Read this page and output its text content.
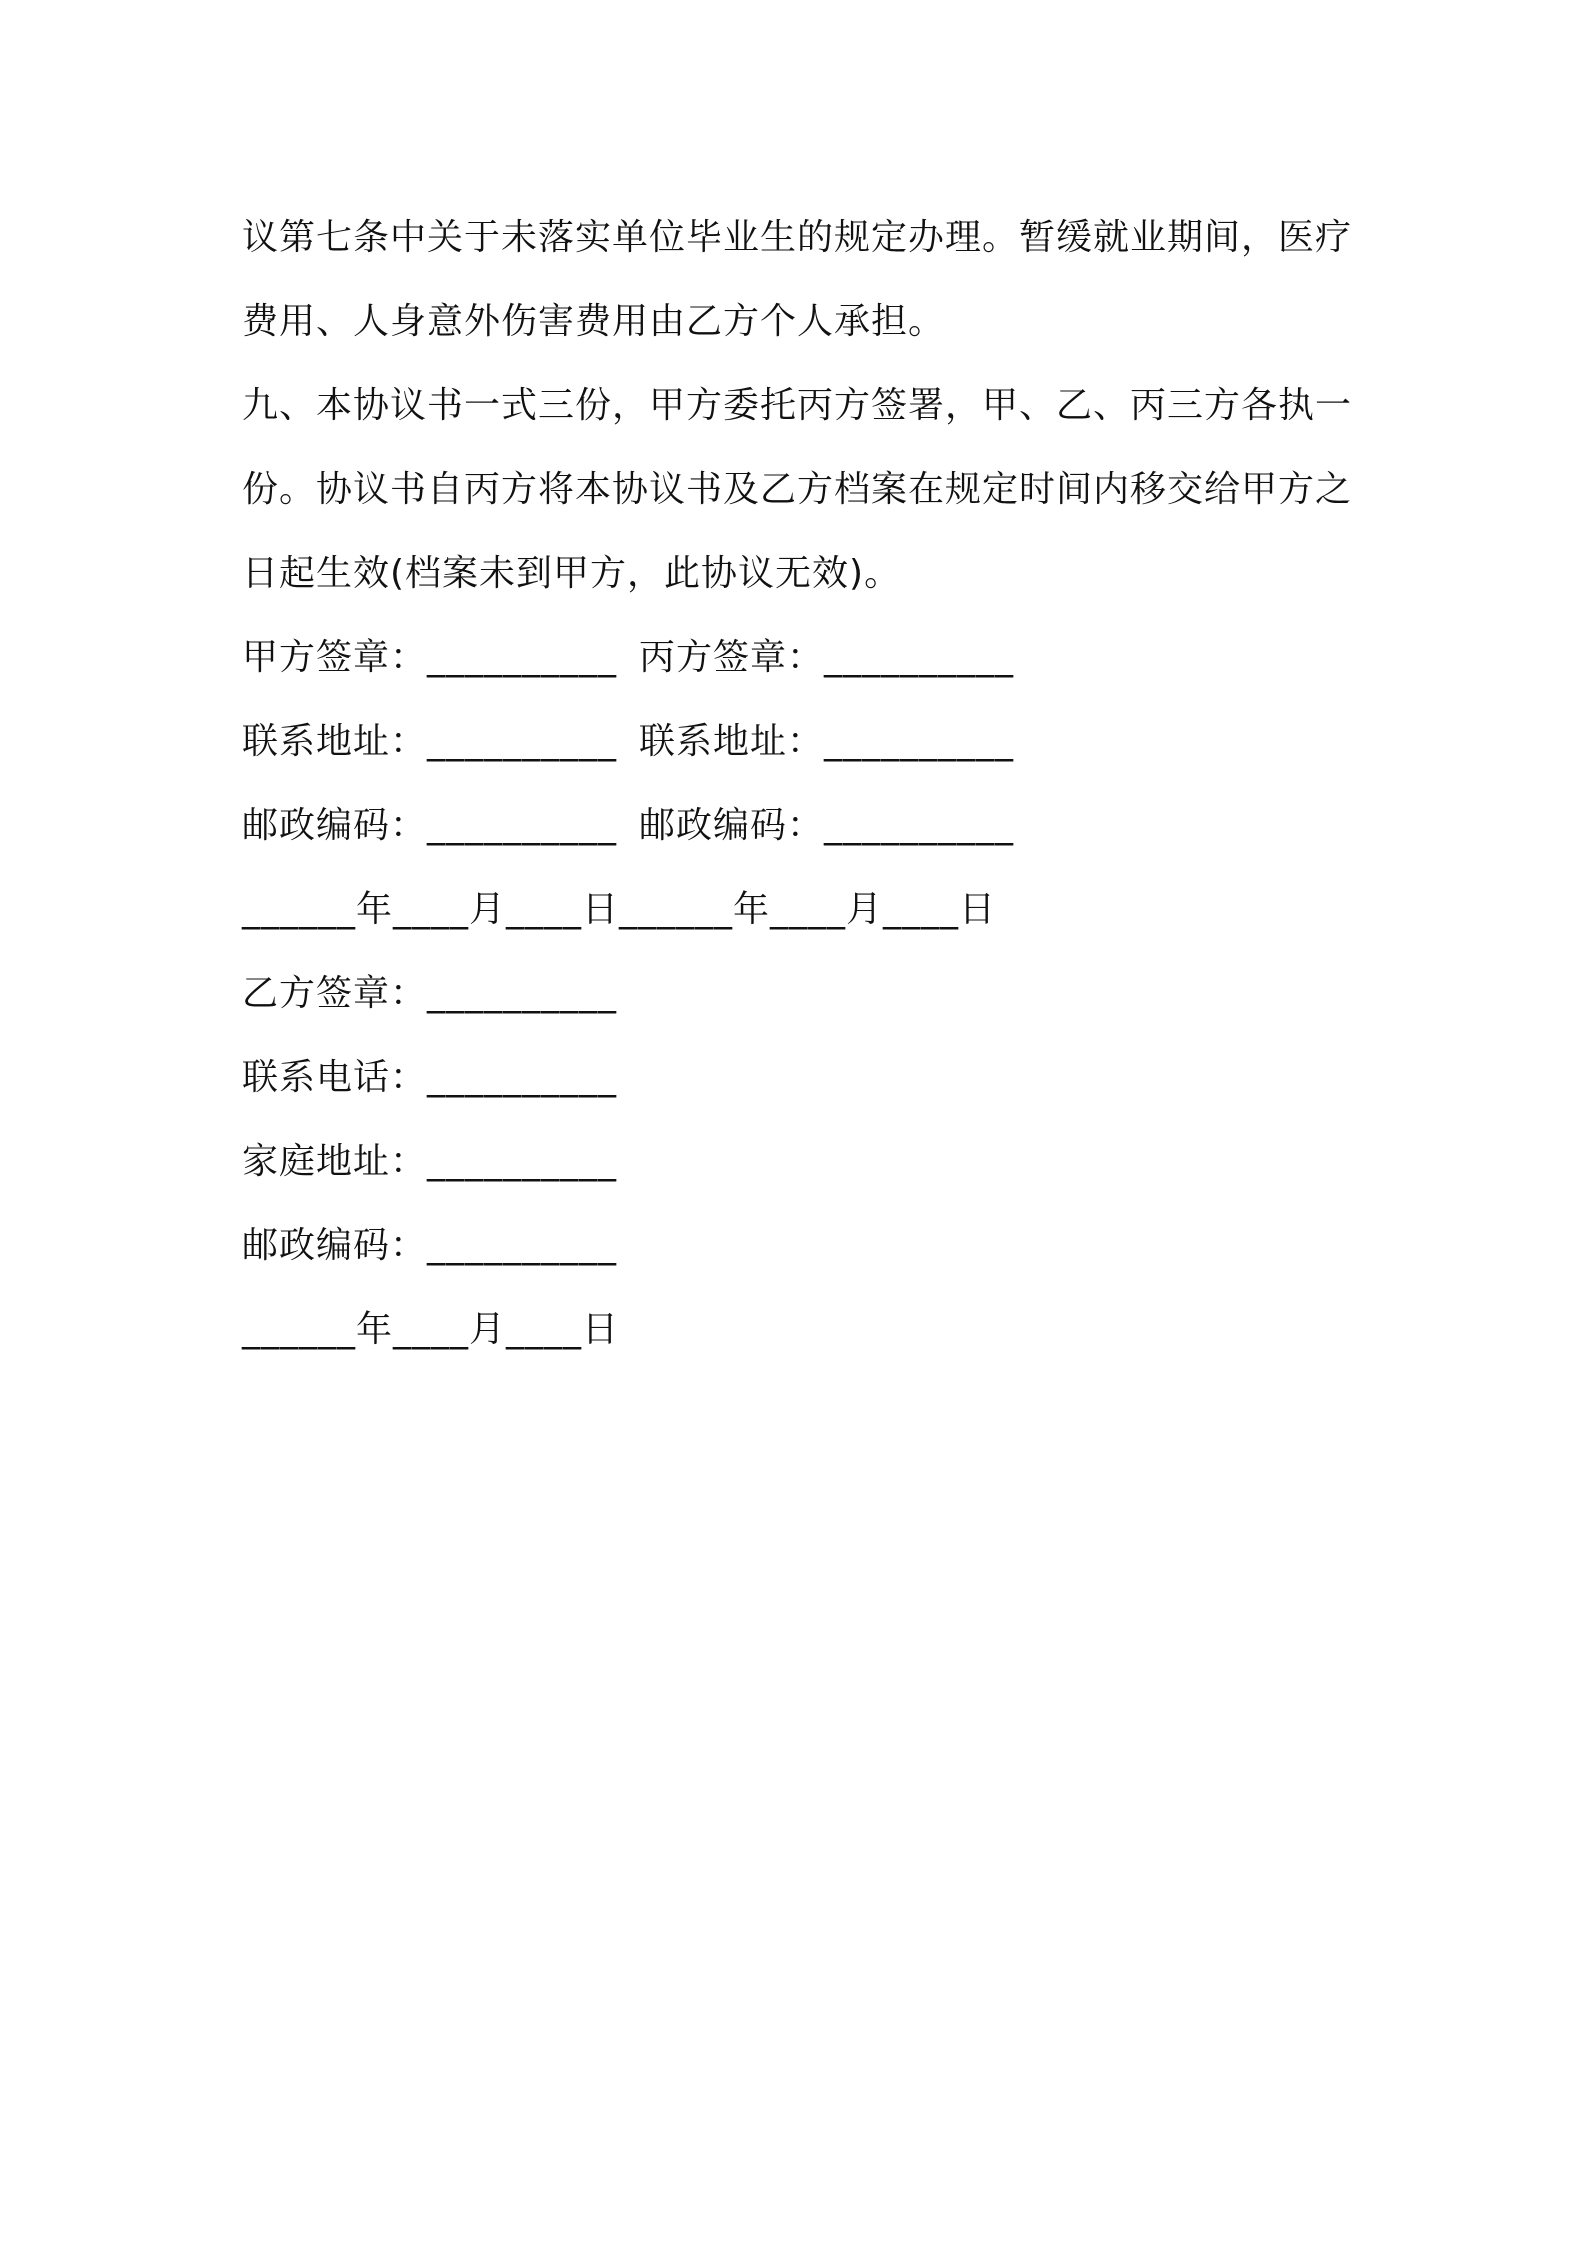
议第七条中关于未落实单位毕业生的规定办理。暂缓就业期间，医疗
费用、人身意外伤害费用由乙方个人承担。
九、本协议书一式三份，甲方委托丙方签署，甲、乙、丙三方各执一
份。协议书自丙方将本协议书及乙方档案在规定时间内移交给甲方之
日起生效(档案未到甲方，此协议无效)。
甲方签章：__________ 丙方签章：__________
联系地址：__________ 联系地址：__________
邮政编码：__________ 邮政编码：__________
______年____月____日______年____月____日
乙方签章：__________
联系电话：__________
家庭地址：__________
邮政编码：__________
______年____月____日
